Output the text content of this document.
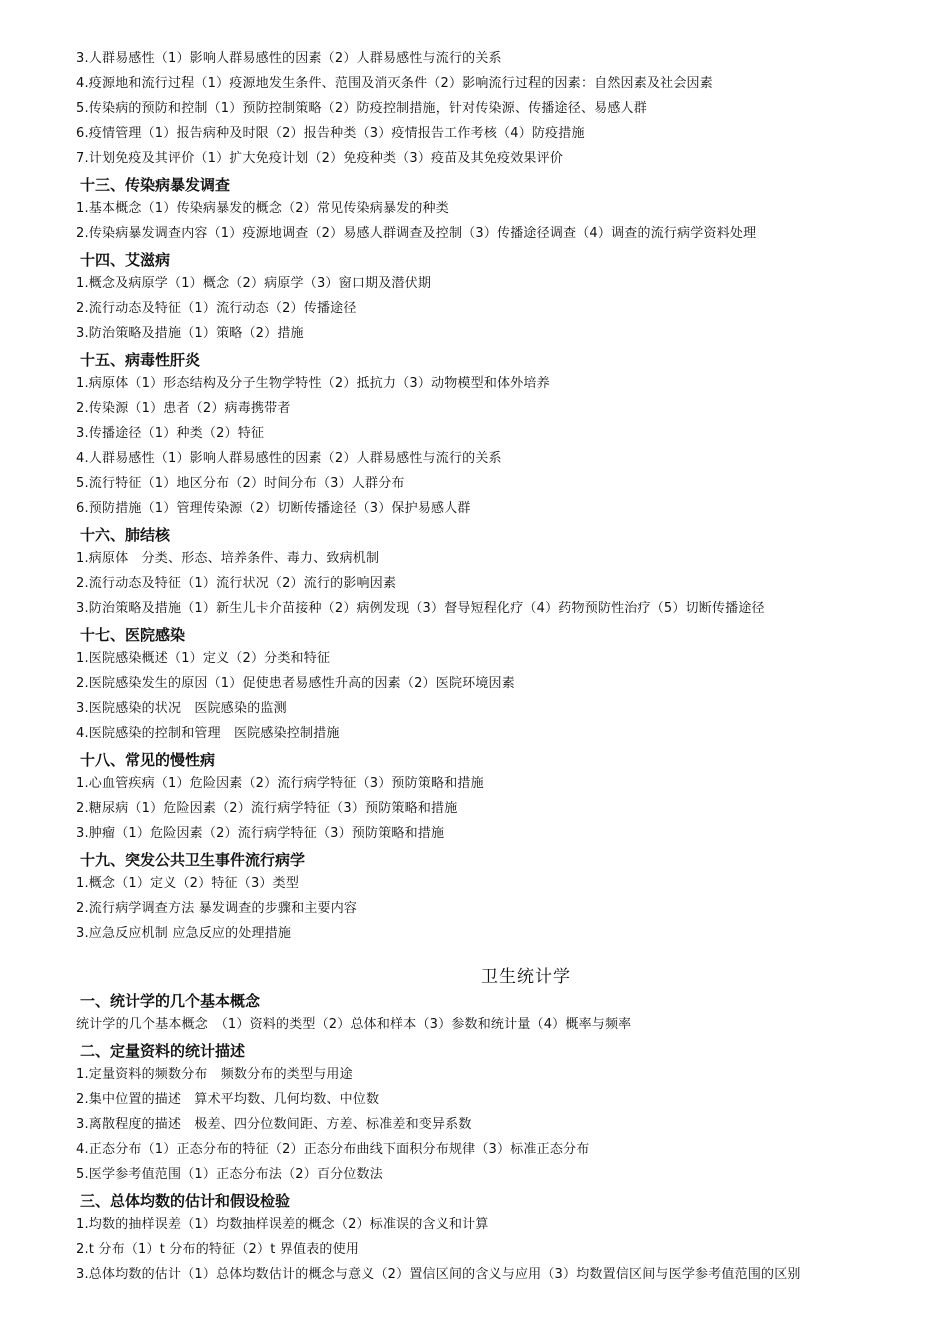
3.人群易感性（1）影响人群易感性的因素（2）人群易感性与流行的关系
4.疫源地和流行过程（1）疫源地发生条件、范围及消灭条件（2）影响流行过程的因素：自然因素及社会因素
5.传染病的预防和控制（1）预防控制策略（2）防疫控制措施，针对传染源、传播途径、易感人群
6.疫情管理（1）报告病种及时限（2）报告种类（3）疫情报告工作考核（4）防疫措施
7.计划免疫及其评价（1）扩大免疫计划（2）免疫种类（3）疫苗及其免疫效果评价
十三、传染病暴发调查
1.基本概念（1）传染病暴发的概念（2）常见传染病暴发的种类
2.传染病暴发调查内容（1）疫源地调查（2）易感人群调查及控制（3）传播途径调查（4）调查的流行病学资料处理
十四、艾滋病
1.概念及病原学（1）概念（2）病原学（3）窗口期及潜伏期
2.流行动态及特征（1）流行动态（2）传播途径
3.防治策略及措施（1）策略（2）措施
十五、病毒性肝炎
1.病原体（1）形态结构及分子生物学特性（2）抵抗力（3）动物模型和体外培养
2.传染源（1）患者（2）病毒携带者
3.传播途径（1）种类（2）特征
4.人群易感性（1）影响人群易感性的因素（2）人群易感性与流行的关系
5.流行特征（1）地区分布（2）时间分布（3）人群分布
6.预防措施（1）管理传染源（2）切断传播途径（3）保护易感人群
十六、肺结核
1.病原体　分类、形态、培养条件、毒力、致病机制
2.流行动态及特征（1）流行状况（2）流行的影响因素
3.防治策略及措施（1）新生儿卡介苗接种（2）病例发现（3）督导短程化疗（4）药物预防性治疗（5）切断传播途径
十七、医院感染
1.医院感染概述（1）定义（2）分类和特征
2.医院感染发生的原因（1）促使患者易感性升高的因素（2）医院环境因素
3.医院感染的状况　医院感染的监测
4.医院感染的控制和管理　医院感染控制措施
十八、常见的慢性病
1.心血管疾病（1）危险因素（2）流行病学特征（3）预防策略和措施
2.糖尿病（1）危险因素（2）流行病学特征（3）预防策略和措施
3.肿瘤（1）危险因素（2）流行病学特征（3）预防策略和措施
十九、突发公共卫生事件流行病学
1.概念（1）定义（2）特征（3）类型
2.流行病学调查方法 暴发调查的步骤和主要内容
3.应急反应机制 应急反应的处理措施
卫生统计学
一、统计学的几个基本概念
统计学的几个基本概念　（1）资料的类型（2）总体和样本（3）参数和统计量（4）概率与频率
二、定量资料的统计描述
1.定量资料的频数分布　频数分布的类型与用途
2.集中位置的描述　算术平均数、几何均数、中位数
3.离散程度的描述　极差、四分位数间距、方差、标准差和变异系数
4.正态分布（1）正态分布的特征（2）正态分布曲线下面积分布规律（3）标准正态分布
5.医学参考值范围（1）正态分布法（2）百分位数法
三、总体均数的估计和假设检验
1.均数的抽样误差（1）均数抽样误差的概念（2）标准误的含义和计算
2.t 分布（1）t 分布的特征（2）t 界值表的使用
3.总体均数的估计（1）总体均数估计的概念与意义（2）置信区间的含义与应用（3）均数置信区间与医学参考值范围的区别
